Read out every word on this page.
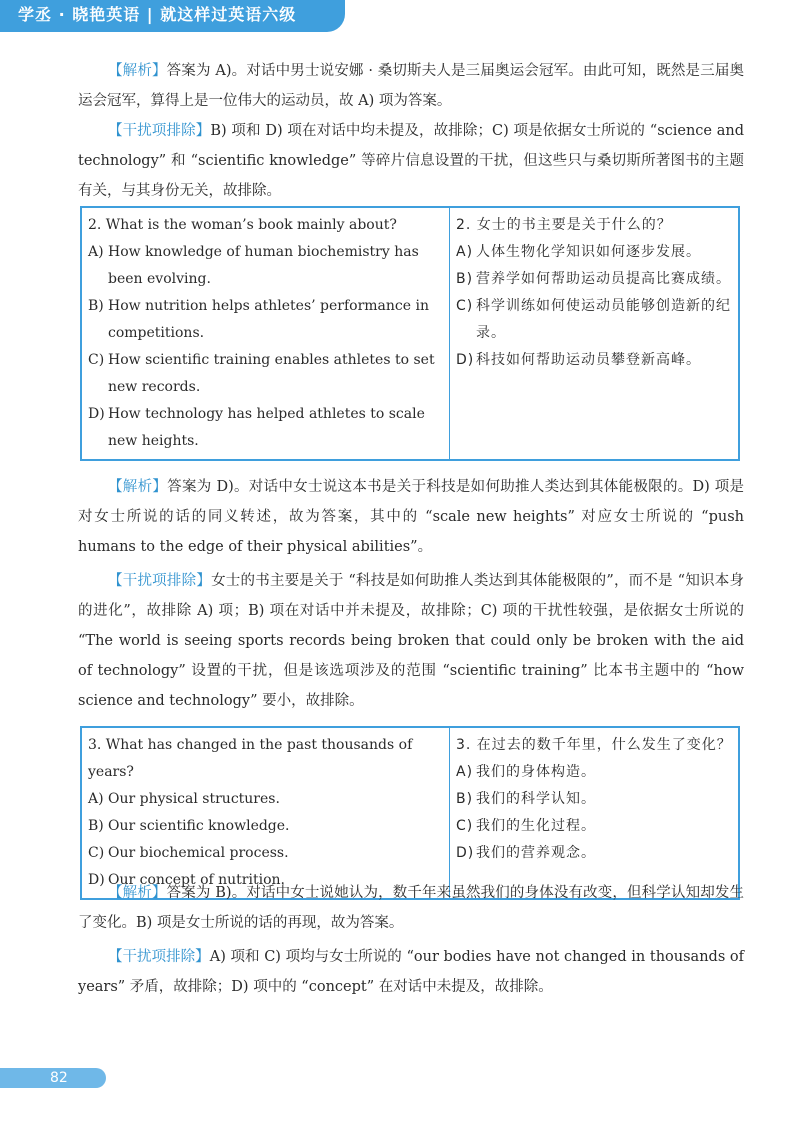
学丞 · 晓艳英语 | 就这样过英语六级
【解析】答案为 A)。对话中男士说安娜 · 桑切斯夫人是三届奥运会冠军。由此可知，既然是三届奥运会冠军，算得上是一位伟大的运动员，故 A) 项为答案。
【干扰项排除】B) 项和 D) 项在对话中均未提及，故排除；C) 项是依据女士所说的 “science and technology” 和 “scientific knowledge” 等碎片信息设置的干扰，但这些只与桑切斯所著图书的主题有关，与其身份无关，故排除。
2. What is the woman’s book mainly about?
A) How knowledge of human biochemistry has been evolving.
B) How nutrition helps athletes’ performance in competitions.
C) How scientific training enables athletes to set new records.
D) How technology has helped athletes to scale new heights.

2. 女士的书主要是关于什么的？
A) 人体生物化学知识如何逐步发展。
B) 营养学如何帮助运动员提高比赛成绩。
C) 科学训练如何使运动员能够创造新的纪录。
D) 科技如何帮助运动员攀登新高峰。
【解析】答案为 D)。对话中女士说这本书是关于科技是如何助推人类达到其体能极限的。D) 项是对女士所说的话的同义转述，故为答案，其中的 “scale new heights” 对应女士所说的 “push humans to the edge of their physical abilities”。
【干扰项排除】女士的书主要是关于 “科技是如何助推人类达到其体能极限的”，而不是 “知识本身的进化”，故排除 A) 项；B) 项在对话中并未提及，故排除；C) 项的干扰性较强，是依据女士所说的 “The world is seeing sports records being broken that could only be broken with the aid of technology” 设置的干扰，但是该选项涉及的范围 “scientific training” 比本书主题中的 “how science and technology” 要小，故排除。
3. What has changed in the past thousands of years?
A) Our physical structures.
B) Our scientific knowledge.
C) Our biochemical process.
D) Our concept of nutrition.

3. 在过去的数千年里，什么发生了变化？
A) 我们的身体构造。
B) 我们的科学认知。
C) 我们的生化过程。
D) 我们的营养观念。
【解析】答案为 B)。对话中女士说她认为，数千年来虽然我们的身体没有改变，但科学认知却发生了变化。B) 项是女士所说的话的再现，故为答案。
【干扰项排除】A) 项和 C) 项均与女士所说的 “our bodies have not changed in thousands of years” 矛盾，故排除；D) 项中的 “concept” 在对话中未提及，故排除。
82
